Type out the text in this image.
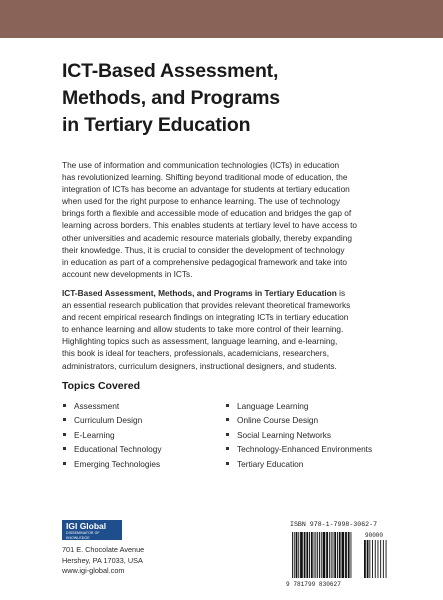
ICT-Based Assessment,
Methods, and Programs
in Tertiary Education
The use of information and communication technologies (ICTs) in education
has revolutionized learning. Shifting beyond traditional mode of education, the
integration of ICTs has become an advantage for students at tertiary education
when used for the right purpose to enhance learning. The use of technology
brings forth a flexible and accessible mode of education and bridges the gap of
learning across borders. This enables students at tertiary level to have access to
other universities and academic resource materials globally, thereby expanding
their knowledge. Thus, it is crucial to consider the development of technology
in education as part of a comprehensive pedagogical framework and take into
account new developments in ICTs.
ICT-Based Assessment, Methods, and Programs in Tertiary Education is
an essential research publication that provides relevant theoretical frameworks
and recent empirical research findings on integrating ICTs in tertiary education
to enhance learning and allow students to take more control of their learning.
Highlighting topics such as assessment, language learning, and e-learning,
this book is ideal for teachers, professionals, academicians, researchers,
administrators, curriculum designers, instructional designers, and students.
Topics Covered
Assessment
Curriculum Design
E-Learning
Educational Technology
Emerging Technologies
Language Learning
Online Course Design
Social Learning Networks
Technology-Enhanced Environments
Tertiary Education
IGI Global
DISSEMINATOR OF KNOWLEDGE
701 E. Chocolate Avenue
Hershey, PA 17033, USA
www.igi-global.com
ISBN 978-1-7998-3062-7
90000
9 781799 830627
